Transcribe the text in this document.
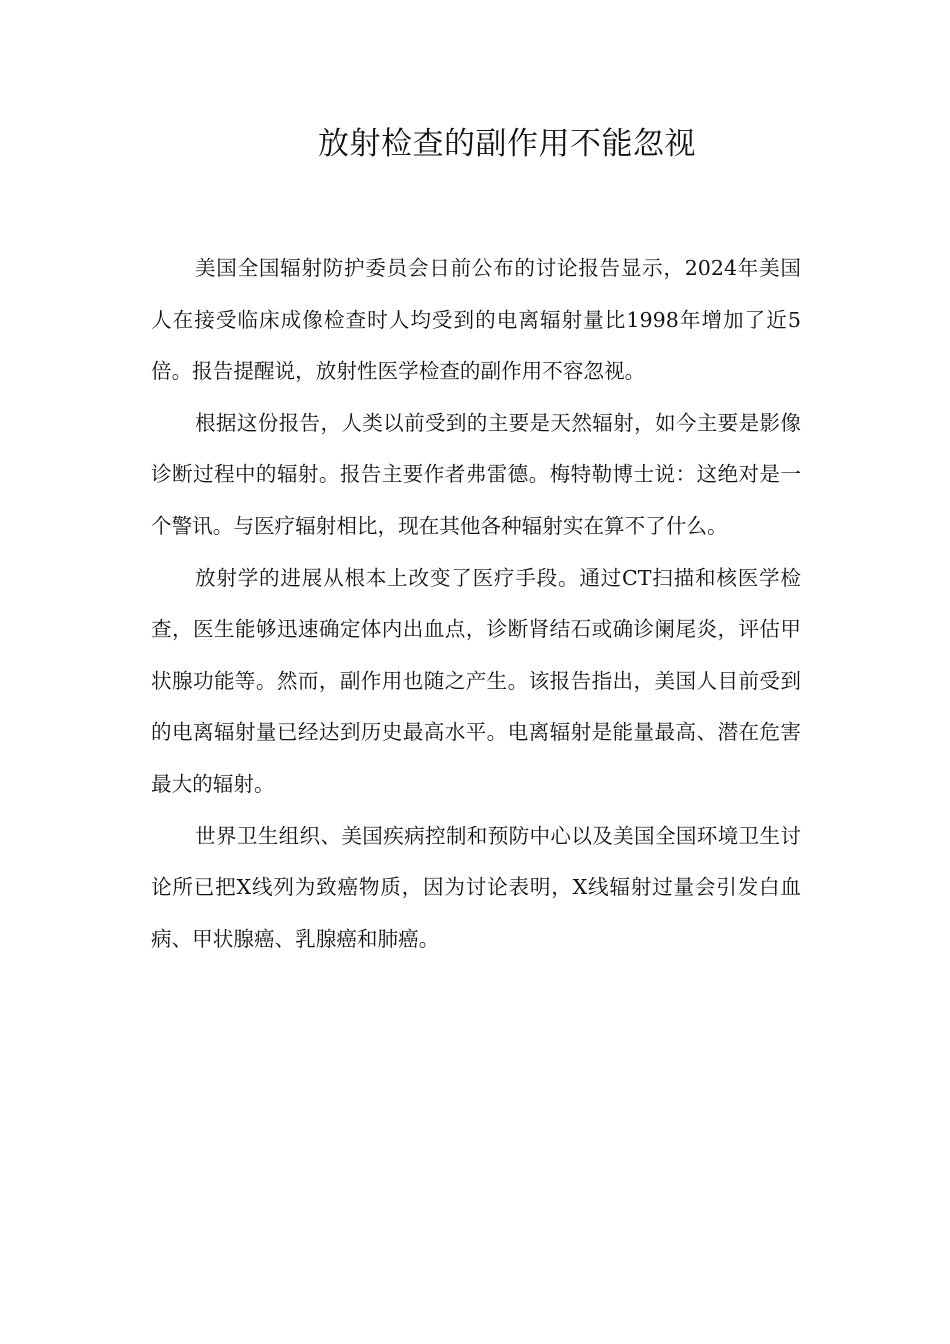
放射检查的副作用不能忽视

美国全国辐射防护委员会日前公布的讨论报告显示，2024年美国人在接受临床成像检查时人均受到的电离辐射量比1998年增加了近5倍。报告提醒说，放射性医学检查的副作用不容忽视。

根据这份报告，人类以前受到的主要是天然辐射，如今主要是影像诊断过程中的辐射。报告主要作者弗雷德。梅特勒博士说：这绝对是一个警讯。与医疗辐射相比，现在其他各种辐射实在算不了什么。

放射学的进展从根本上改变了医疗手段。通过CT扫描和核医学检查，医生能够迅速确定体内出血点，诊断肾结石或确诊阑尾炎，评估甲状腺功能等。然而，副作用也随之产生。该报告指出，美国人目前受到的电离辐射量已经达到历史最高水平。电离辐射是能量最高、潜在危害最大的辐射。

世界卫生组织、美国疾病控制和预防中心以及美国全国环境卫生讨论所已把X线列为致癌物质，因为讨论表明，X线辐射过量会引发白血病、甲状腺癌、乳腺癌和肺癌。
